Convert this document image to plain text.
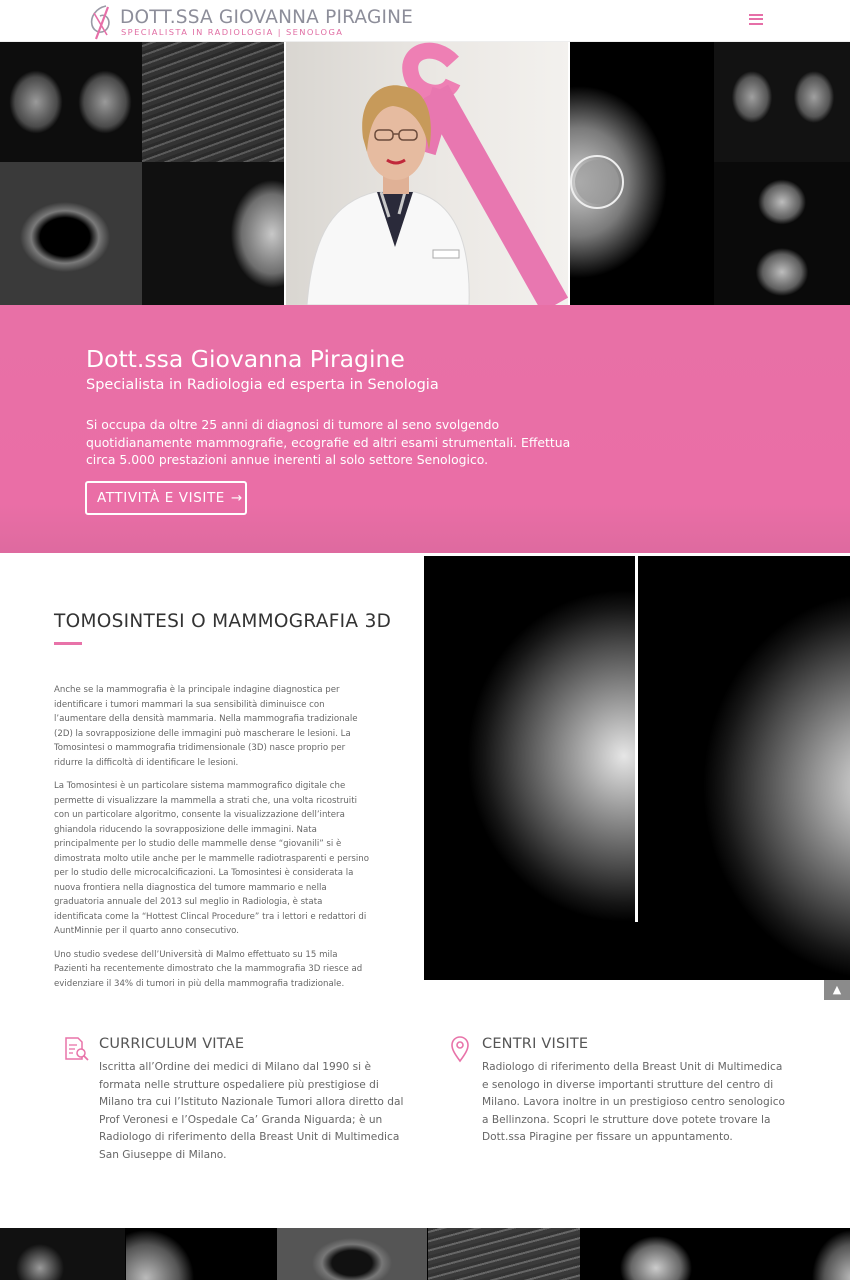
DOTT.SSA GIOVANNA PIRAGINE
SPECIALISTA IN RADIOLOGIA | SENOLOGA
Dott.ssa Giovanna Piragine
Specialista in Radiologia ed esperta in Senologia

Si occupa da oltre 25 anni di diagnosi di tumore al seno svolgendo quotidianamente mammografie, ecografie ed altri esami strumentali. Effettua circa 5.000 prestazioni annue inerenti al solo settore Senologico.

ATTIVITÀ E VISITE →
TOMOSINTESI O MAMMOGRAFIA 3D

Anche se la mammografia è la principale indagine diagnostica per identificare i tumori mammari la sua sensibilità diminuisce con l’aumentare della densità mammaria. Nella mammografia tradizionale (2D) la sovrapposizione delle immagini può mascherare le lesioni. La Tomosintesi o mammografia tridimensionale (3D) nasce proprio per ridurre la difficoltà di identificare le lesioni.

La Tomosintesi è un particolare sistema mammografico digitale che permette di visualizzare la mammella a strati che, una volta ricostruiti con un particolare algoritmo, consente la visualizzazione dell’intera ghiandola riducendo la sovrapposizione delle immagini. Nata principalmente per lo studio delle mammelle dense “giovanili” si è dimostrata molto utile anche per le mammelle radiotrasparenti e persino per lo studio delle microcalcificazioni. La Tomosintesi è considerata la nuova frontiera nella diagnostica del tumore mammario e nella graduatoria annuale del 2013 sul meglio in Radiologia, è stata identificata come la “Hottest Clincal Procedure” tra i lettori e redattori di AuntMinnie per il quarto anno consecutivo.

Uno studio svedese dell’Università di Malmo effettuato su 15 mila Pazienti ha recentemente dimostrato che la mammografia 3D riesce ad evidenziare il 34% di tumori in più della mammografia tradizionale.	▲
CURRICULUM VITAE
Iscritta all’Ordine dei medici di Milano dal 1990 si è formata nelle strutture ospedaliere più prestigiose di Milano tra cui l’Istituto Nazionale Tumori allora diretto dal Prof Veronesi e l’Ospedale Ca’ Granda Niguarda; è un Radiologo di riferimento della Breast Unit di Multimedica San Giuseppe di Milano.
CENTRI VISITE
Radiologo di riferimento della Breast Unit di Multimedica e senologo in diverse importanti strutture del centro di Milano. Lavora inoltre in un prestigioso centro senologico a Bellinzona. Scopri le strutture dove potete trovare la Dott.ssa Piragine per fissare un appuntamento.
